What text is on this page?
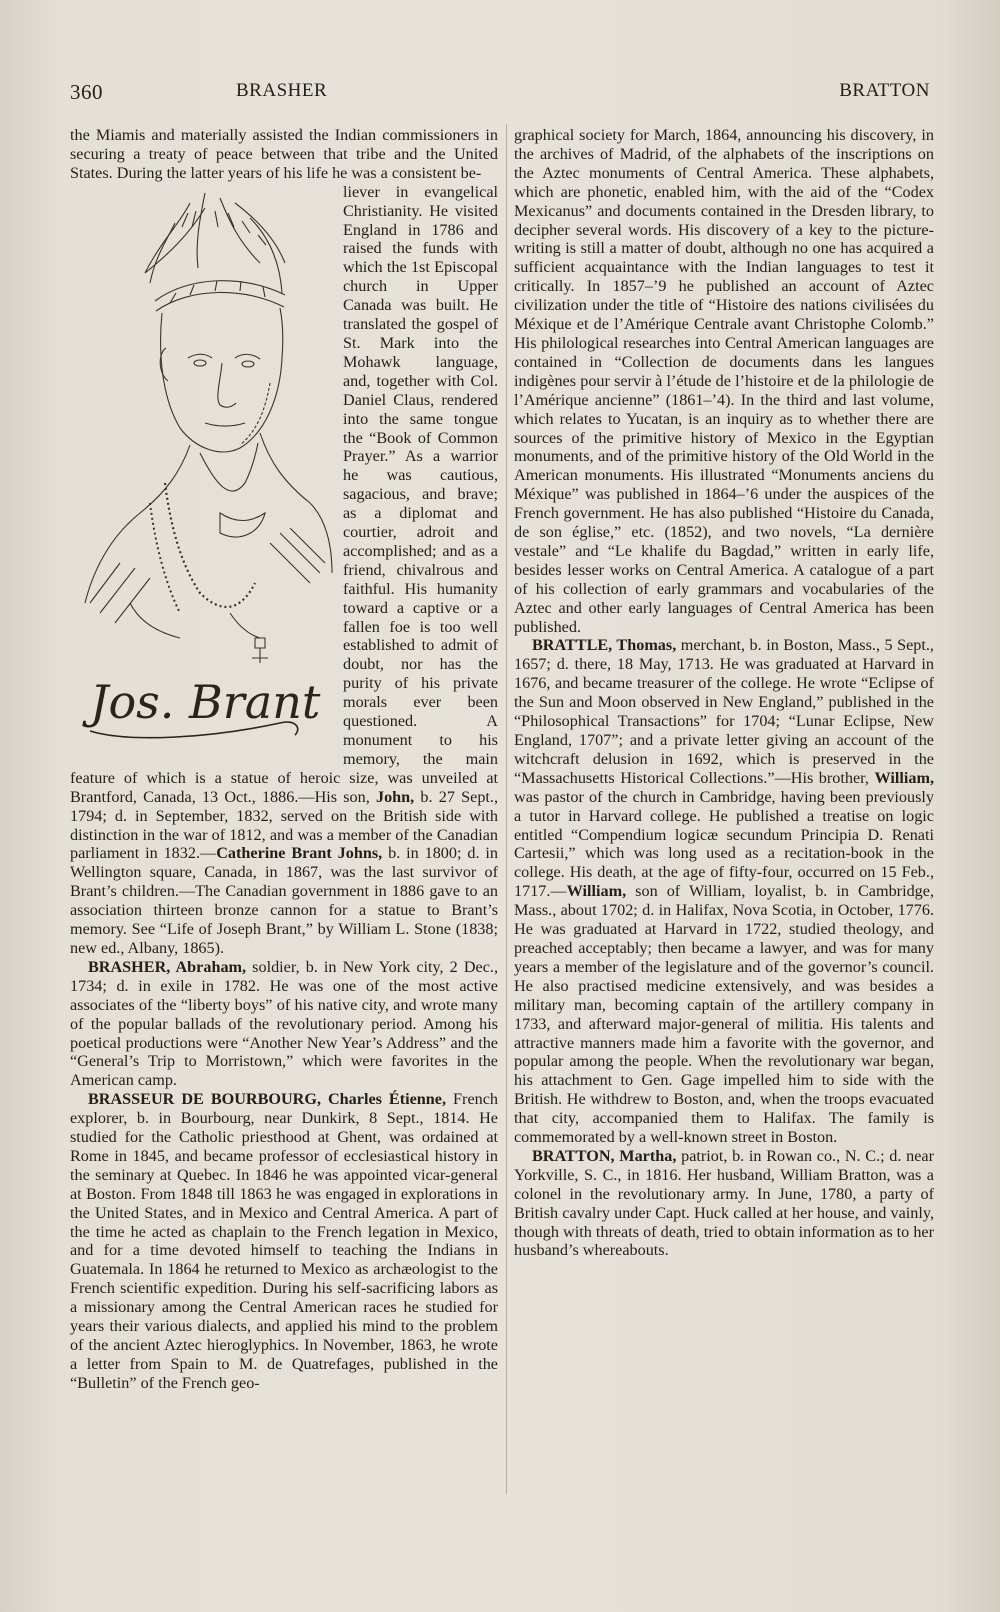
360	BRASHER	BRATTON

the Miamis and materially assisted the Indian commissioners in securing a treaty of peace between that tribe and the United States. During the latter years of his life he was a consistent be-

Jos. Brant

liever in evangelical Christianity. He visited England in 1786 and raised the funds with which the 1st Episcopal church in Upper Canada was built. He translated the gospel of St. Mark into the Mohawk language, and, together with Col. Daniel Claus, rendered into the same tongue the “Book of Common Prayer.” As a warrior he was cautious, sagacious, and brave; as a diplomat and courtier, adroit and accomplished; and as a friend, chivalrous and faithful. His humanity toward a captive or a fallen foe is too well established to admit of doubt, nor has the purity of his private morals ever been questioned. A monument to his memory, the main feature of which is a statue of heroic size, was unveiled at Brantford, Canada, 13 Oct., 1886.—His son, John, b. 27 Sept., 1794; d. in September, 1832, served on the British side with distinction in the war of 1812, and was a member of the Canadian parliament in 1832.—Catherine Brant Johns, b. in 1800; d. in Wellington square, Canada, in 1867, was the last survivor of Brant’s children.—The Canadian government in 1886 gave to an association thirteen bronze cannon for a statue to Brant’s memory. See “Life of Joseph Brant,” by William L. Stone (1838; new ed., Albany, 1865).

BRASHER, Abraham, soldier, b. in New York city, 2 Dec., 1734; d. in exile in 1782. He was one of the most active associates of the “liberty boys” of his native city, and wrote many of the popular ballads of the revolutionary period. Among his poetical productions were “Another New Year’s Address” and the “General’s Trip to Morristown,” which were favorites in the American camp.

BRASSEUR DE BOURBOURG, Charles Étienne, French explorer, b. in Bourbourg, near Dunkirk, 8 Sept., 1814. He studied for the Catholic priesthood at Ghent, was ordained at Rome in 1845, and became professor of ecclesiastical history in the seminary at Quebec. In 1846 he was appointed vicar-general at Boston. From 1848 till 1863 he was engaged in explorations in the United States, and in Mexico and Central America. A part of the time he acted as chaplain to the French legation in Mexico, and for a time devoted himself to teaching the Indians in Guatemala. In 1864 he returned to Mexico as archæologist to the French scientific expedition. During his self-sacrificing labors as a missionary among the Central American races he studied for years their various dialects, and applied his mind to the problem of the ancient Aztec hieroglyphics. In November, 1863, he wrote a letter from Spain to M. de Quatrefages, published in the “Bulletin” of the French geo-

graphical society for March, 1864, announcing his discovery, in the archives of Madrid, of the alphabets of the inscriptions on the Aztec monuments of Central America. These alphabets, which are phonetic, enabled him, with the aid of the “Codex Mexicanus” and documents contained in the Dresden library, to decipher several words. His discovery of a key to the picture-writing is still a matter of doubt, although no one has acquired a sufficient acquaintance with the Indian languages to test it critically. In 1857–’9 he published an account of Aztec civilization under the title of “Histoire des nations civilisées du Méxique et de l’Amérique Centrale avant Christophe Colomb.” His philological researches into Central American languages are contained in “Collection de documents dans les langues indigènes pour servir à l’étude de l’histoire et de la philologie de l’Amérique ancienne” (1861–’4). In the third and last volume, which relates to Yucatan, is an inquiry as to whether there are sources of the primitive history of Mexico in the Egyptian monuments, and of the primitive history of the Old World in the American monuments. His illustrated “Monuments anciens du Méxique” was published in 1864–’6 under the auspices of the French government. He has also published “Histoire du Canada, de son église,” etc. (1852), and two novels, “La dernière vestale” and “Le khalife du Bagdad,” written in early life, besides lesser works on Central America. A catalogue of a part of his collection of early grammars and vocabularies of the Aztec and other early languages of Central America has been published.

BRATTLE, Thomas, merchant, b. in Boston, Mass., 5 Sept., 1657; d. there, 18 May, 1713. He was graduated at Harvard in 1676, and became treasurer of the college. He wrote “Eclipse of the Sun and Moon observed in New England,” published in the “Philosophical Transactions” for 1704; “Lunar Eclipse, New England, 1707”; and a private letter giving an account of the witchcraft delusion in 1692, which is preserved in the “Massachusetts Historical Collections.”—His brother, William, was pastor of the church in Cambridge, having been previously a tutor in Harvard college. He published a treatise on logic entitled “Compendium logicæ secundum Principia D. Renati Cartesii,” which was long used as a recitation-book in the college. His death, at the age of fifty-four, occurred on 15 Feb., 1717.—William, son of William, loyalist, b. in Cambridge, Mass., about 1702; d. in Halifax, Nova Scotia, in October, 1776. He was graduated at Harvard in 1722, studied theology, and preached acceptably; then became a lawyer, and was for many years a member of the legislature and of the governor’s council. He also practised medicine extensively, and was besides a military man, becoming captain of the artillery company in 1733, and afterward major-general of militia. His talents and attractive manners made him a favorite with the governor, and popular among the people. When the revolutionary war began, his attachment to Gen. Gage impelled him to side with the British. He withdrew to Boston, and, when the troops evacuated that city, accompanied them to Halifax. The family is commemorated by a well-known street in Boston.

BRATTON, Martha, patriot, b. in Rowan co., N. C.; d. near Yorkville, S. C., in 1816. Her husband, William Bratton, was a colonel in the revolutionary army. In June, 1780, a party of British cavalry under Capt. Huck called at her house, and vainly, though with threats of death, tried to obtain information as to her husband’s whereabouts.
